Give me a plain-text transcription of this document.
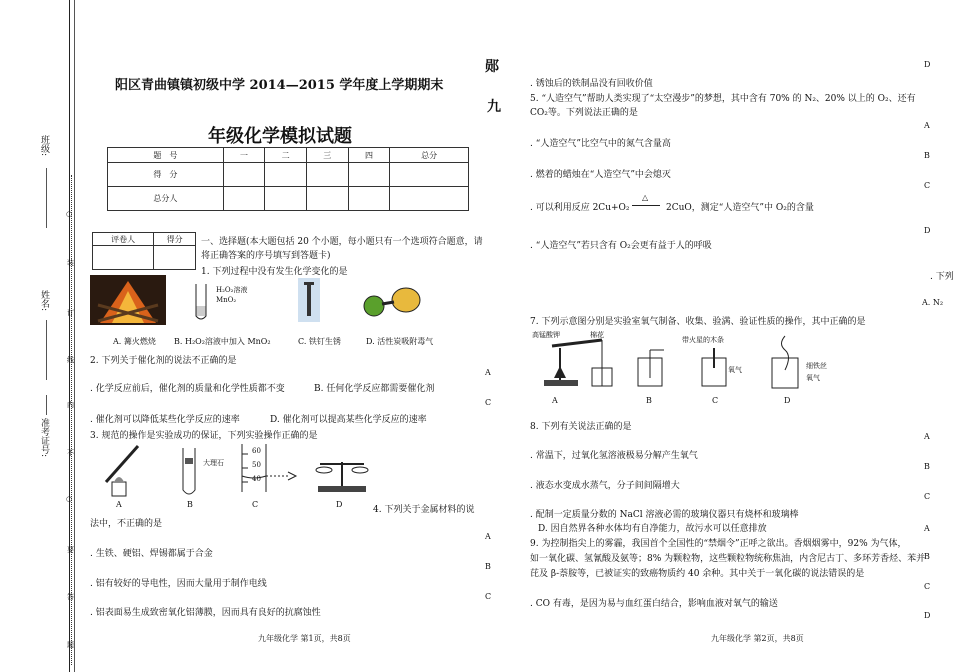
班级:
姓名:
准考证号:
○
装
订
线
内
不
○
要
答
题
阳区青曲镇镇初级中学 2014—2015 学年度上学期期末
年级化学模拟试题
郧
九
题　号	一	二	三	四	总分
得　分					
总分人					
评卷人	得分
	一、选择题(本大题包括 20 个小题，每小题只有一个选项符合题意，请
将正确答案的序号填写到答题卡)
1. 下列过程中没有发生化学变化的是
H₂O₂溶液
MnO₂
A. 篝火燃烧 B. H₂O₂溶液中加入 MnO₂	C. 铁钉生锈	D. 活性炭吸附毒气
2. 下列关于催化剂的说法不正确的是
. 化学反应前后，催化剂的质量和化学性质都不变	B. 任何化学反应都需要催化剂
. 催化剂可以降低某些化学反应的速率	D. 催化剂可以提高某些化学反应的速率
3. 规范的操作是实验成功的保证，下列实验操作正确的是
大理石
60
50
40
A	B	C	D
4. 下列关于金属材料的说
法中，不正确的是
. 生铁、硬铝、焊锡都属于合金
. 铝有较好的导电性，因而大量用于制作电线
. 铝表面易生成致密氧化铝薄膜，因而具有良好的抗腐蚀性
A
C
A
B
C
九年级化学 第1页，共8页
. 锈蚀后的铁制品没有回收价值
5. “人造空气”帮助人类实现了“太空漫步”的梦想，其中含有 70% 的 N₂、20% 以上的 O₂、还有
CO₂等。下列说法正确的是
. “人造空气”比空气中的氮气含量高
. 燃着的蜡烛在“人造空气”中会熄灭
. 可以利用反应 2Cu+O₂
△
2CuO，测定“人造空气”中 O₂的含量
. “人造空气”若只含有 O₂会更有益于人的呼吸
. 下列
A. N₂
7. 下列示意图分别是实验室氧气制备、收集、验满、验证性质的操作，其中正确的是
高锰酸钾	棉花
带火星的木条
氧气	细铁丝
氧气
A	B	C	D
8. 下列有关说法正确的是
. 常温下，过氧化氢溶液极易分解产生氧气
. 液态水变成水蒸气，分子间间隔增大
. 配制一定质量分数的 NaCl 溶液必需的玻璃仪器只有烧杯和玻璃棒
D. 因自然界各种水体均有自净能力，故污水可以任意排放
9. 为控制指尖上的雾霾，我国首个全国性的“禁烟令”正呼之欲出。香烟烟雾中，92% 为气体，
如一氧化碳、氢氰酸及氨等；8% 为颗粒物，这些颗粒物统称焦油，内含尼古丁、多环芳香烃、苯并
芘及 β-萘胺等，已被证实的致癌物质约 40 余种。其中关于一氧化碳的说法错误的是
. CO 有毒，是因为易与血红蛋白结合，影响血液对氧气的输送
D
A
B
C
D
A
B
C
A
B
C
D
九年级化学 第2页，共8页
